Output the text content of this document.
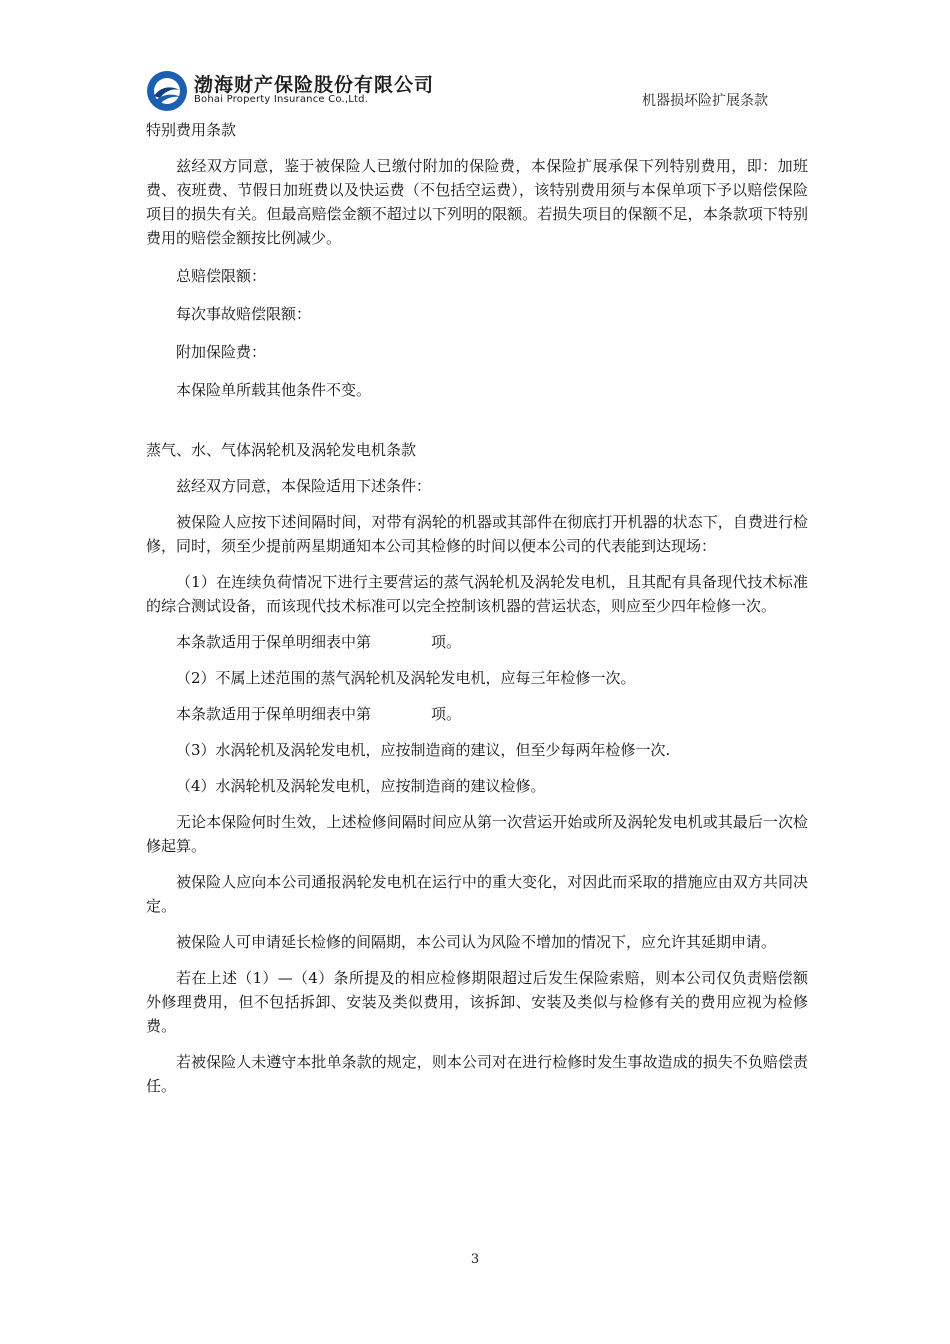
渤海财产保险股份有限公司
Bohai Property Insurance Co.,Ltd.	机器损坏险扩展条款

特别费用条款

兹经双方同意，鉴于被保险人已缴付附加的保险费，本保险扩展承保下列特别费用，即：加班费、夜班费、节假日加班费以及快运费（不包括空运费），该特别费用须与本保单项下予以赔偿保险项目的损失有关。但最高赔偿金额不超过以下列明的限额。若损失项目的保额不足，本条款项下特别费用的赔偿金额按比例减少。

总赔偿限额：

每次事故赔偿限额：

附加保险费：

本保险单所载其他条件不变。

蒸气、水、气体涡轮机及涡轮发电机条款

兹经双方同意，本保险适用下述条件：

被保险人应按下述间隔时间，对带有涡轮的机器或其部件在彻底打开机器的状态下，自费进行检修，同时，须至少提前两星期通知本公司其检修的时间以便本公司的代表能到达现场：

（1）在连续负荷情况下进行主要营运的蒸气涡轮机及涡轮发电机，且其配有具备现代技术标准的综合测试设备，而该现代技术标准可以完全控制该机器的营运状态，则应至少四年检修一次。

本条款适用于保单明细表中第	项。

（2）不属上述范围的蒸气涡轮机及涡轮发电机，应每三年检修一次。

本条款适用于保单明细表中第	项。

（3）水涡轮机及涡轮发电机，应按制造商的建议，但至少每两年检修一次.

（4）水涡轮机及涡轮发电机，应按制造商的建议检修。

无论本保险何时生效，上述检修间隔时间应从第一次营运开始或所及涡轮发电机或其最后一次检修起算。

被保险人应向本公司通报涡轮发电机在运行中的重大变化，对因此而采取的措施应由双方共同决定。

被保险人可申请延长检修的间隔期，本公司认为风险不增加的情况下，应允许其延期申请。

若在上述（1）—（4）条所提及的相应检修期限超过后发生保险索赔，则本公司仅负责赔偿额外修理费用，但不包括拆卸、安装及类似费用，该拆卸、安装及类似与检修有关的费用应视为检修费。

若被保险人未遵守本批单条款的规定，则本公司对在进行检修时发生事故造成的损失不负赔偿责任。

3
